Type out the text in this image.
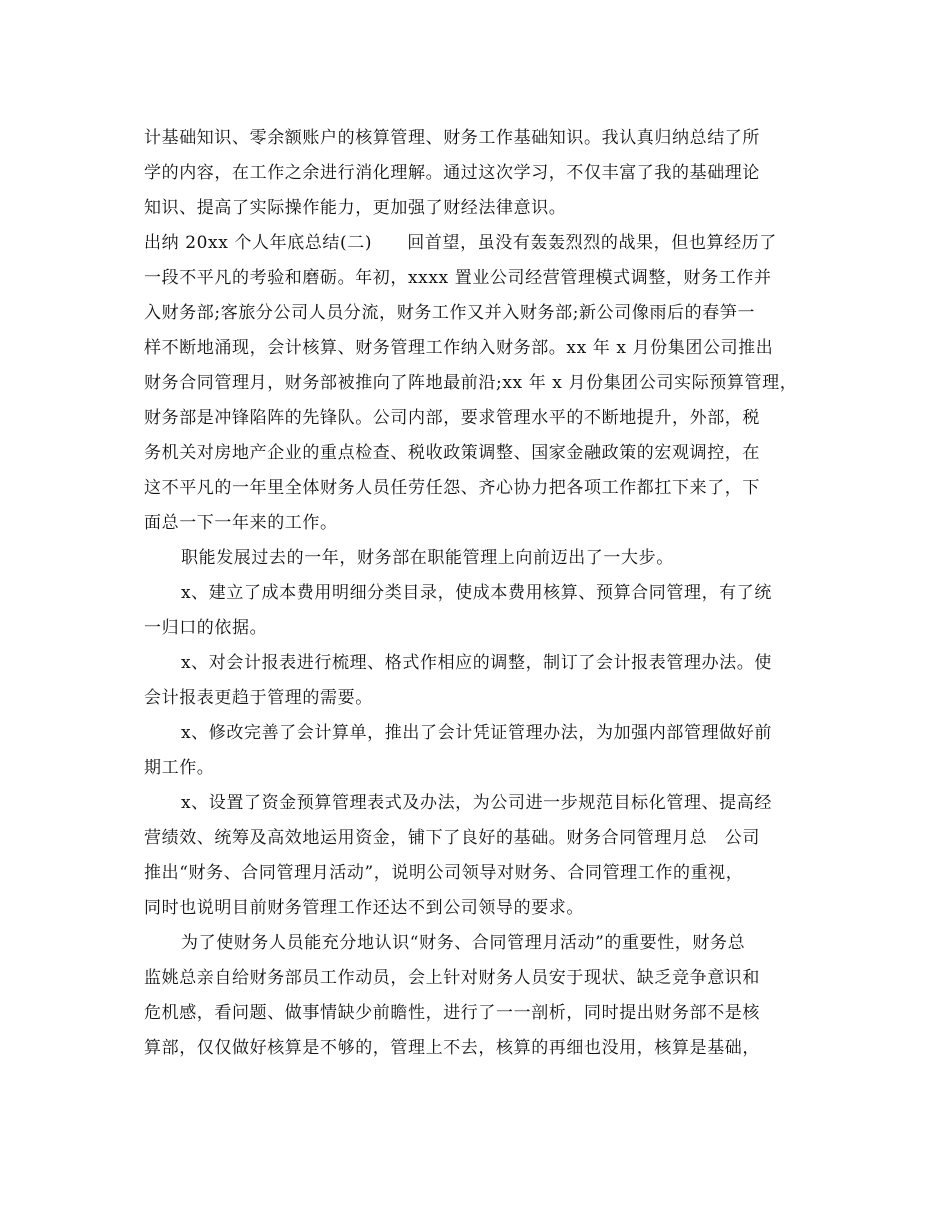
计基础知识、零余额账户的核算管理、财务工作基础知识。我认真归纳总结了所
学的内容，在工作之余进行消化理解。通过这次学习，不仅丰富了我的基础理论
知识、提高了实际操作能力，更加强了财经法律意识。
出纳 20xx 个人年底总结(二)　　回首望，虽没有轰轰烈烈的战果，但也算经历了
一段不平凡的考验和磨砺。年初，xxxx 置业公司经营管理模式调整，财务工作并
入财务部;客旅分公司人员分流，财务工作又并入财务部;新公司像雨后的春笋一
样不断地涌现，会计核算、财务管理工作纳入财务部。xx 年 x 月份集团公司推出
财务合同管理月，财务部被推向了阵地最前沿;xx 年 x 月份集团公司实际预算管理，
财务部是冲锋陷阵的先锋队。公司内部，要求管理水平的不断地提升，外部，税
务机关对房地产企业的重点检查、税收政策调整、国家金融政策的宏观调控，在
这不平凡的一年里全体财务人员任劳任怨、齐心协力把各项工作都扛下来了，下
面总一下一年来的工作。
职能发展过去的一年，财务部在职能管理上向前迈出了一大步。
x、建立了成本费用明细分类目录，使成本费用核算、预算合同管理，有了统
一归口的依据。
x、对会计报表进行梳理、格式作相应的调整，制订了会计报表管理办法。使
会计报表更趋于管理的需要。
x、修改完善了会计算单，推出了会计凭证管理办法，为加强内部管理做好前
期工作。
x、设置了资金预算管理表式及办法，为公司进一步规范目标化管理、提高经
营绩效、统筹及高效地运用资金，铺下了良好的基础。财务合同管理月总　公司
推出“财务、合同管理月活动”，说明公司领导对财务、合同管理工作的重视，
同时也说明目前财务管理工作还达不到公司领导的要求。
为了使财务人员能充分地认识“财务、合同管理月活动”的重要性，财务总
监姚总亲自给财务部员工作动员，会上针对财务人员安于现状、缺乏竞争意识和
危机感，看问题、做事情缺少前瞻性，进行了一一剖析，同时提出财务部不是核
算部，仅仅做好核算是不够的，管理上不去，核算的再细也没用，核算是基础，
